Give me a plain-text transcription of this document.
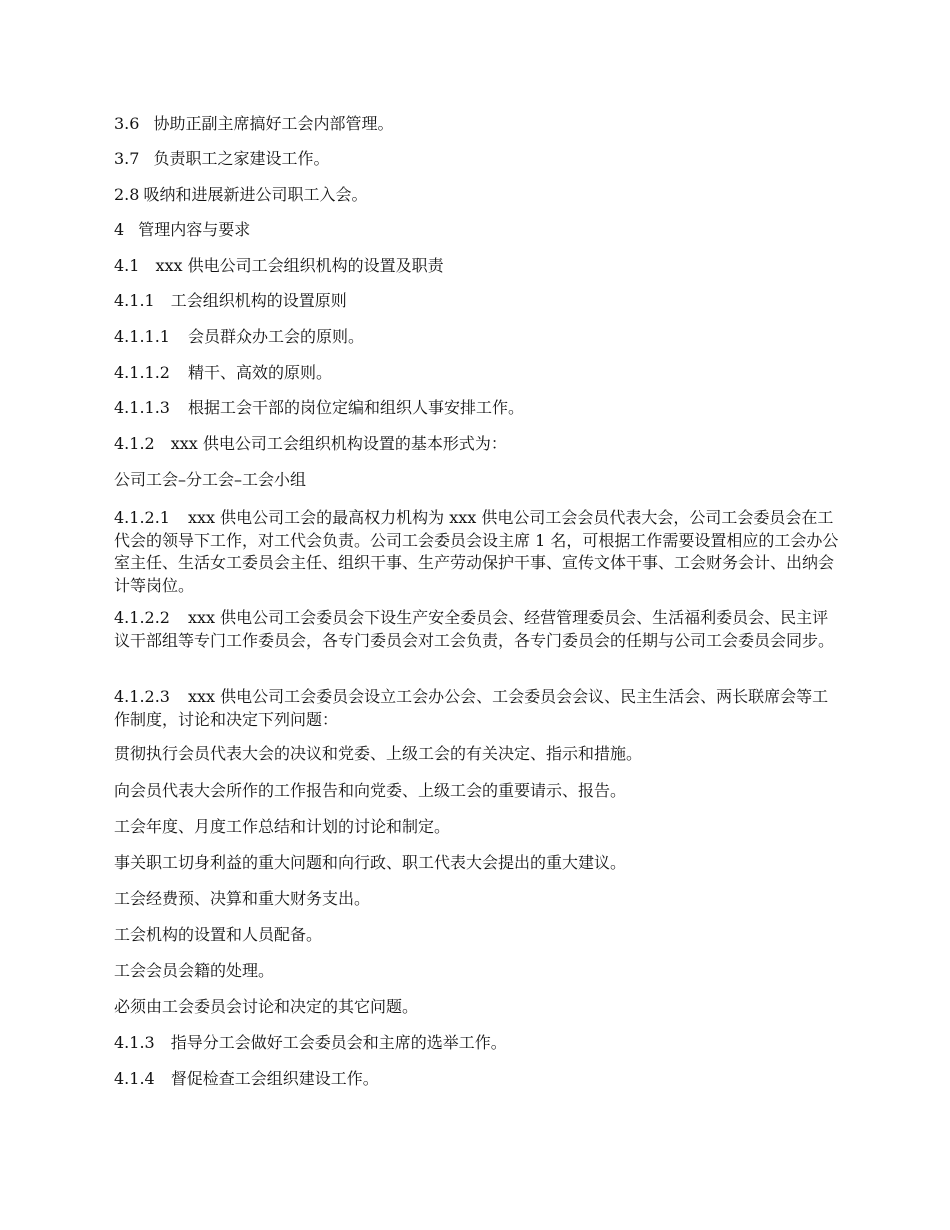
3.6 协助正副主席搞好工会内部管理。

3.7 负责职工之家建设工作。

2.8 吸纳和进展新进公司职工入会。

4 管理内容与要求

4.1 xxx 供电公司工会组织机构的设置及职责

4.1.1 工会组织机构的设置原则

4.1.1.1 会员群众办工会的原则。

4.1.1.2 精干、高效的原则。

4.1.1.3 根据工会干部的岗位定编和组织人事安排工作。

4.1.2 xxx 供电公司工会组织机构设置的基本形式为：

公司工会–分工会–工会小组

4.1.2.1 xxx 供电公司工会的最高权力机构为 xxx 供电公司工会会员代表大会，公司工会委员会在工代会的领导下工作，对工代会负责。公司工会委员会设主席 1 名，可根据工作需要设置相应的工会办公室主任、生活女工委员会主任、组织干事、生产劳动保护干事、宣传文体干事、工会财务会计、出纳会计等岗位。

4.1.2.2 xxx 供电公司工会委员会下设生产安全委员会、经营管理委员会、生活福利委员会、民主评议干部组等专门工作委员会，各专门委员会对工会负责，各专门委员会的任期与公司工会委员会同步。

4.1.2.3 xxx 供电公司工会委员会设立工会办公会、工会委员会会议、民主生活会、两长联席会等工作制度，讨论和决定下列问题：

贯彻执行会员代表大会的决议和党委、上级工会的有关决定、指示和措施。

向会员代表大会所作的工作报告和向党委、上级工会的重要请示、报告。

工会年度、月度工作总结和计划的讨论和制定。

事关职工切身利益的重大问题和向行政、职工代表大会提出的重大建议。

工会经费预、决算和重大财务支出。

工会机构的设置和人员配备。

工会会员会籍的处理。

必须由工会委员会讨论和决定的其它问题。

4.1.3 指导分工会做好工会委员会和主席的选举工作。

4.1.4 督促检查工会组织建设工作。
